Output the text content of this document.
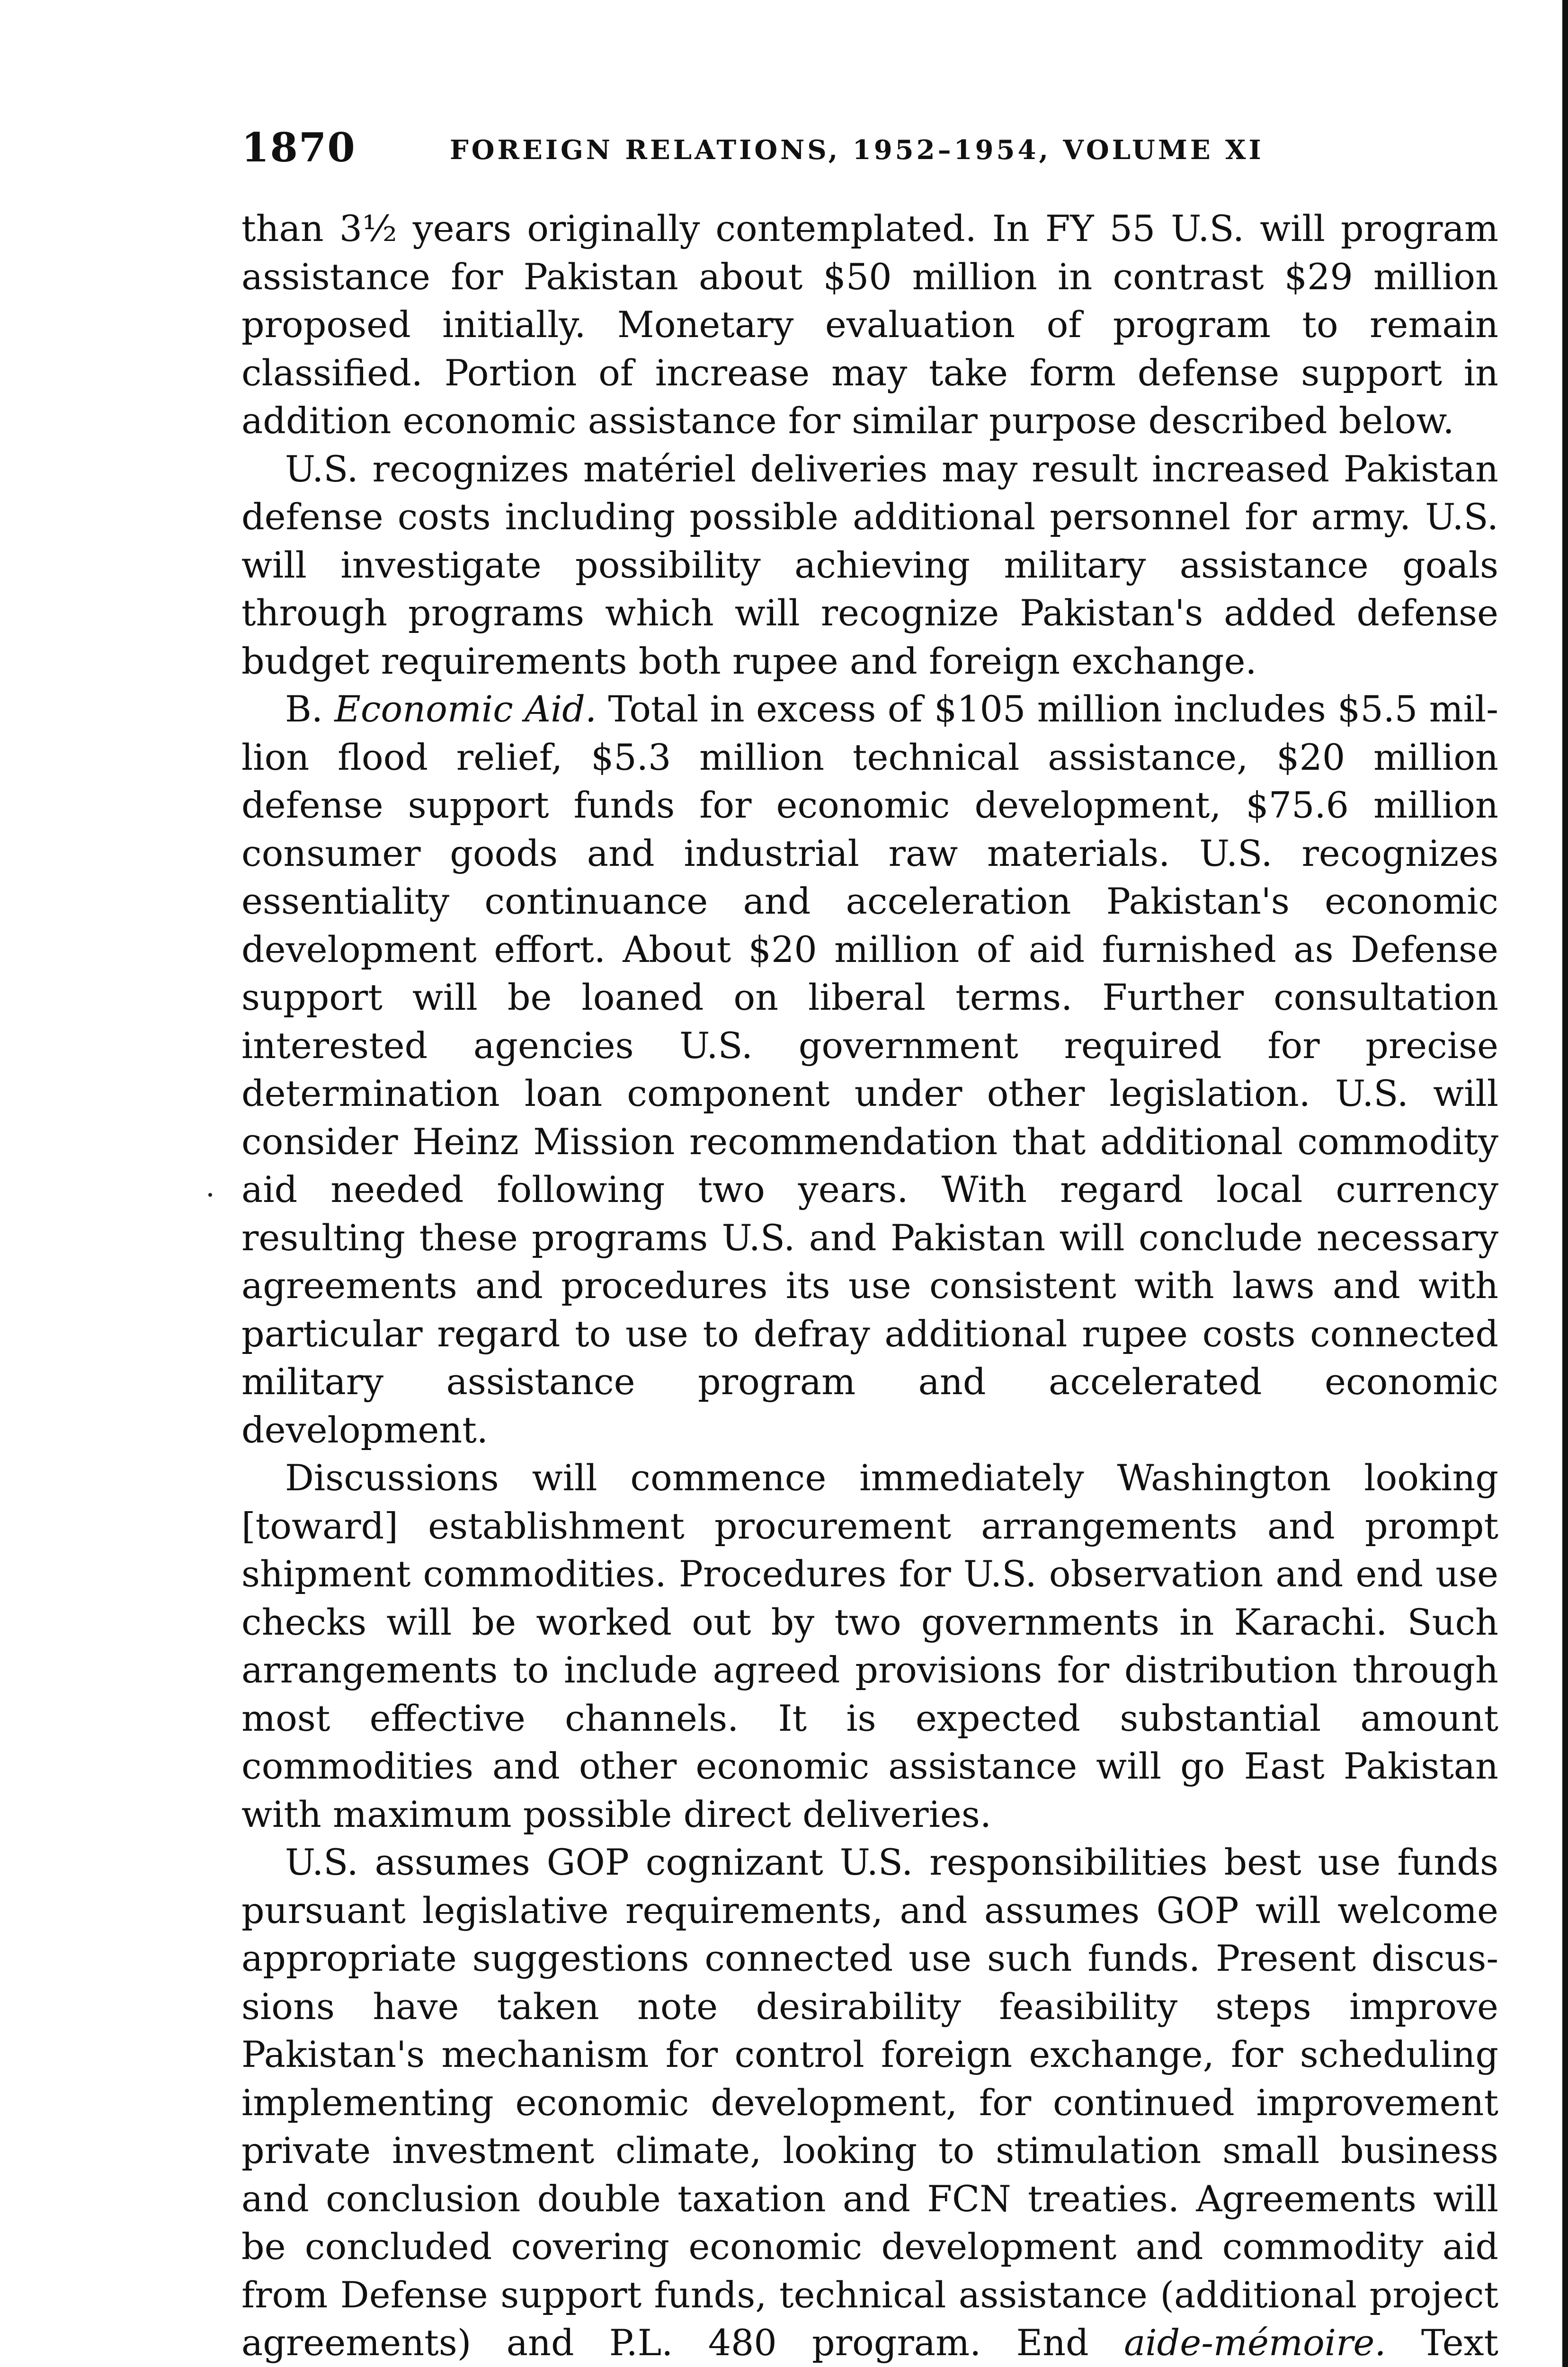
1870	FOREIGN RELATIONS, 1952–1954, VOLUME XI

than 3½ years originally contemplated. In FY 55 U.S. will program assistance for Pakistan about $50 million in contrast $29 million proposed initially. Monetary evaluation of program to remain classified. Portion of increase may take form defense support in addition economic assistance for similar purpose described below.

U.S. recognizes matériel deliveries may result increased Pakistan defense costs including possible additional personnel for army. U.S. will investigate possibility achieving military assistance goals through programs which will recognize Pakistan's added defense budget requirements both rupee and foreign exchange.

B. Economic Aid. Total in excess of $105 million includes $5.5 million flood relief, $5.3 million technical assistance, $20 million defense support funds for economic development, $75.6 million consumer goods and industrial raw materials. U.S. recognizes essentiality continuance and acceleration Pakistan's economic development effort. About $20 million of aid furnished as Defense support will be loaned on liberal terms. Further consultation interested agencies U.S. government required for precise determination loan component under other legislation. U.S. will consider Heinz Mission recommendation that additional commodity aid needed following two years. With regard local currency resulting these programs U.S. and Pakistan will conclude necessary agreements and procedures its use consistent with laws and with particular regard to use to defray additional rupee costs connected military assistance program and accelerated economic development.

Discussions will commence immediately Washington looking [toward] establishment procurement arrangements and prompt shipment commodities. Procedures for U.S. observation and end use checks will be worked out by two governments in Karachi. Such arrangements to include agreed provisions for distribution through most effective channels. It is expected substantial amount commodities and other economic assistance will go East Pakistan with maximum possible direct deliveries.

U.S. assumes GOP cognizant U.S. responsibilities best use funds pursuant legislative requirements, and assumes GOP will welcome appropriate suggestions connected use such funds. Present discussions have taken note desirability feasibility steps improve Pakistan's mechanism for control foreign exchange, for scheduling implementing economic development, for continued improvement private investment climate, looking to stimulation small business and conclusion double taxation and FCN treaties. Agreements will be concluded covering economic development and commodity aid from Defense support funds, technical assistance (additional project agreements) and P.L. 480 program. End aide-mémoire. Text
